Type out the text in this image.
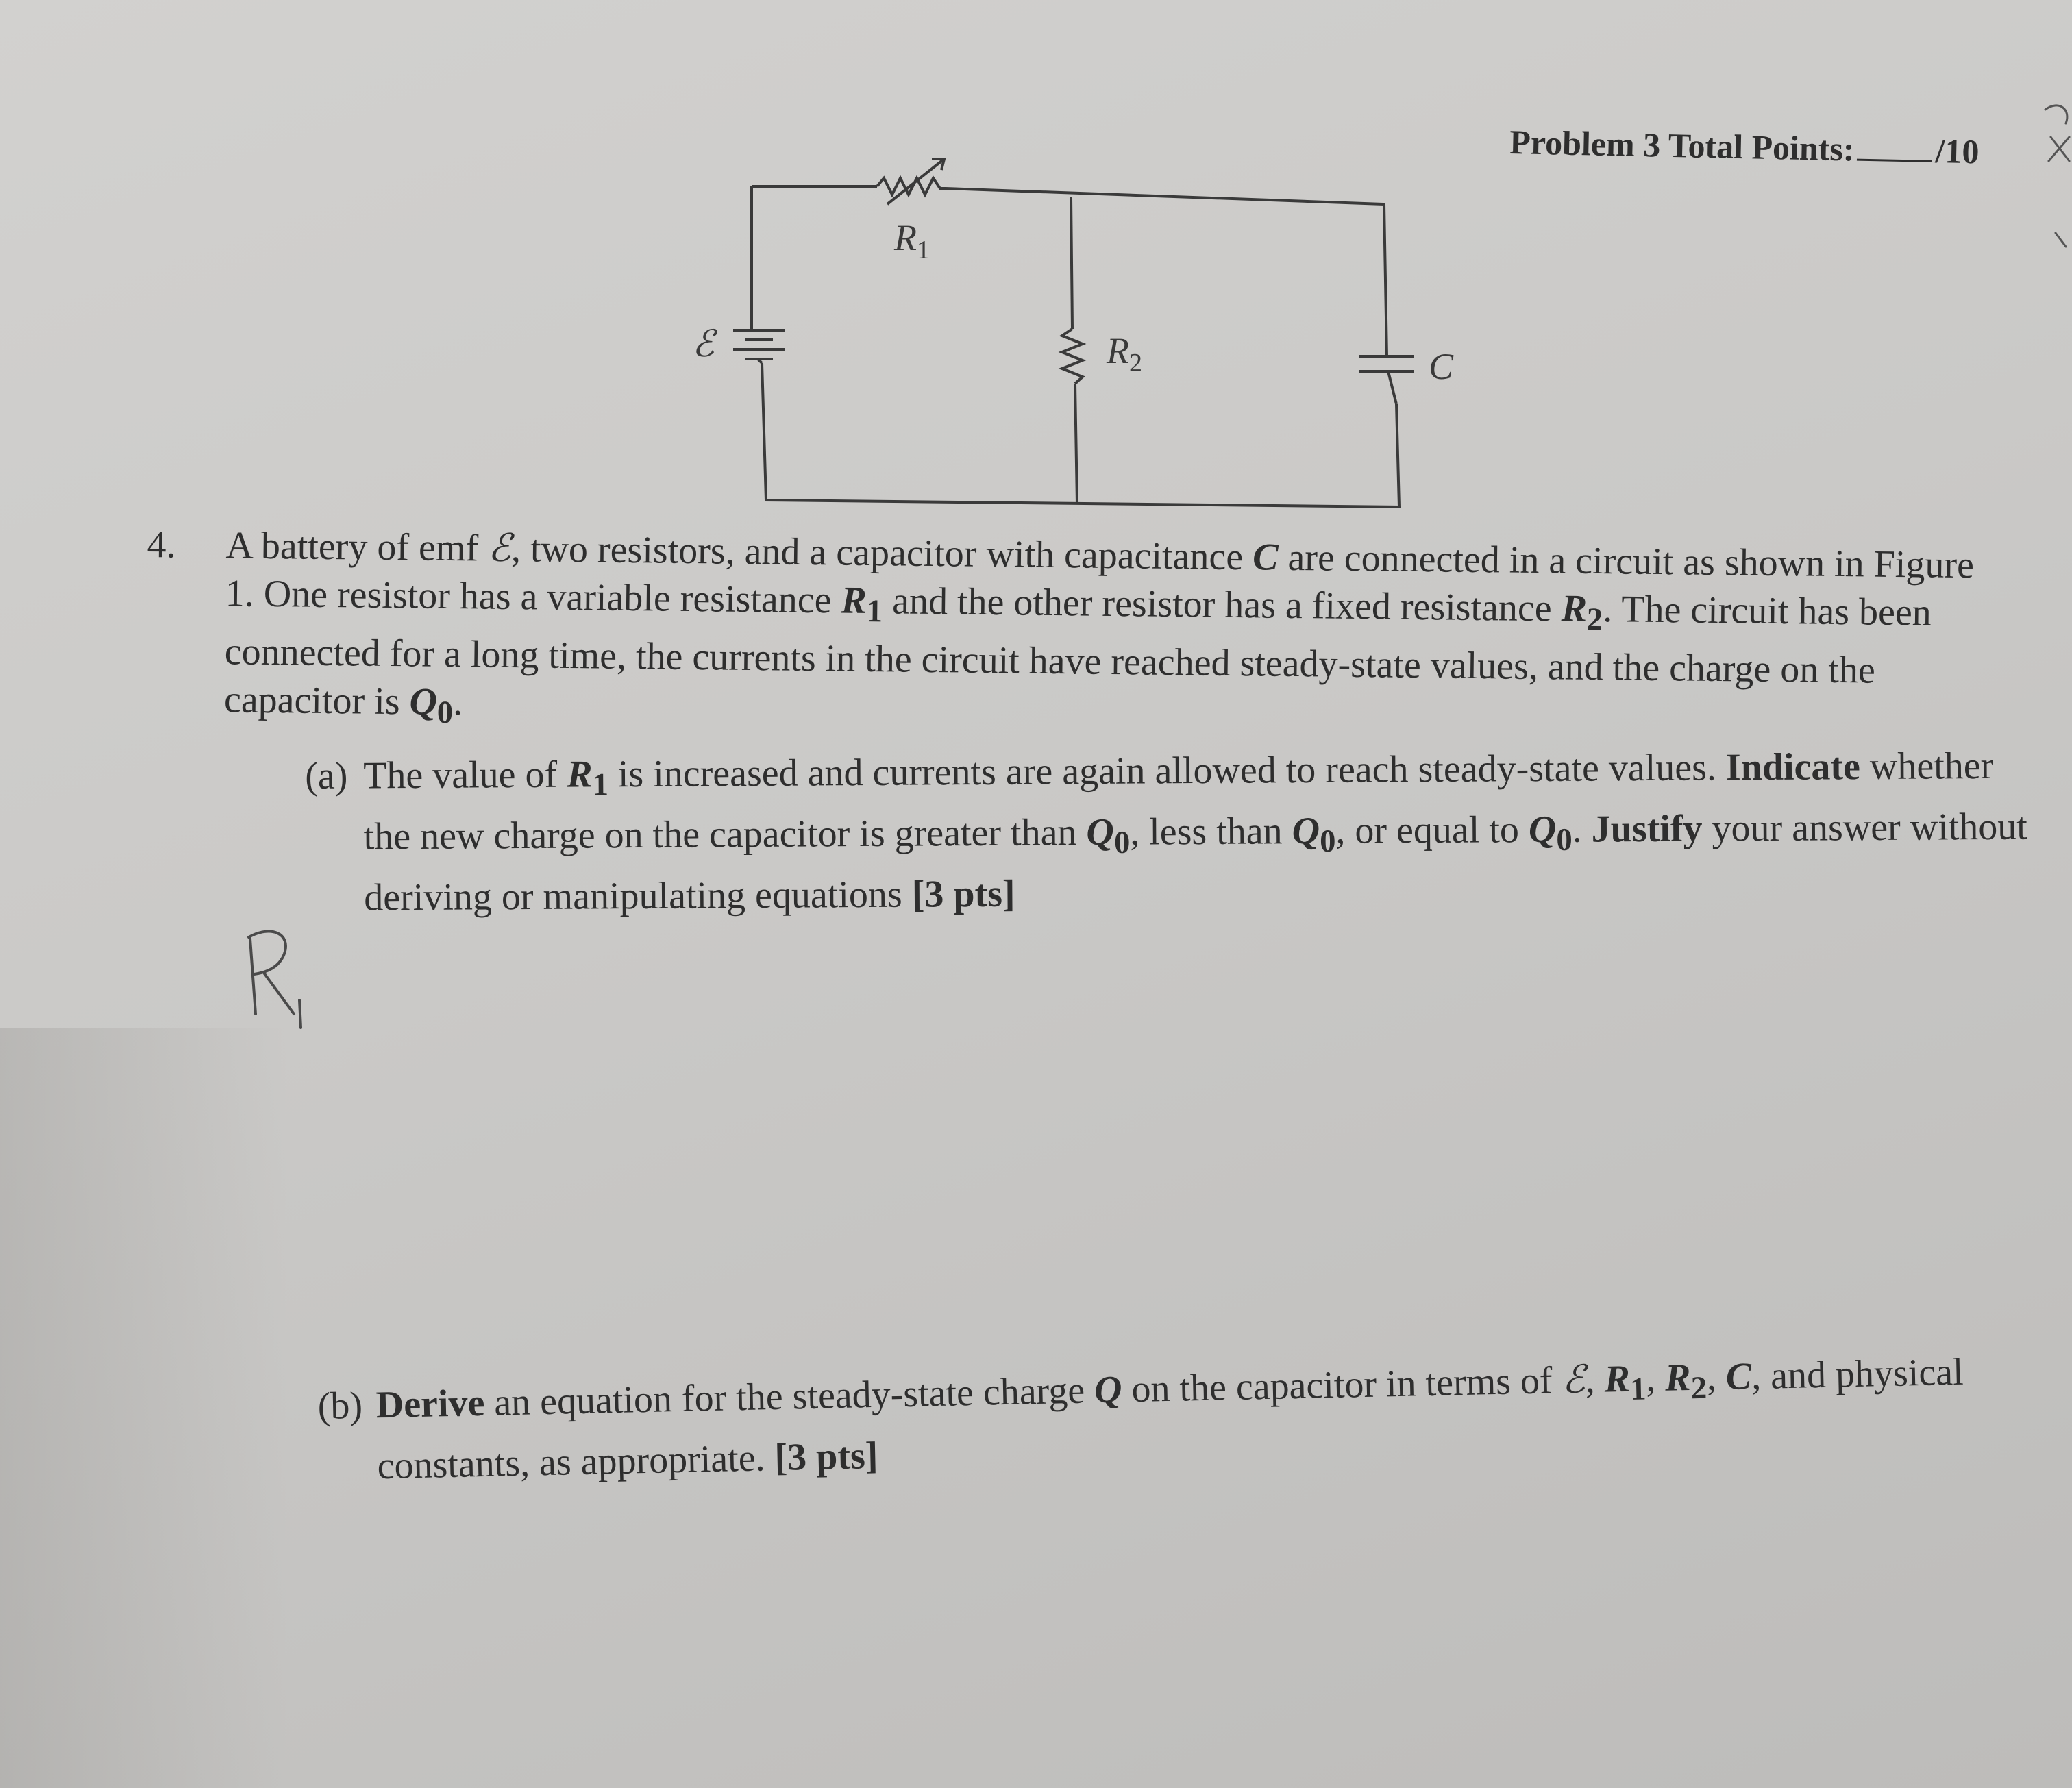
Problem 3 Total Points: /10
ℰ
$R_1$
$R_2$	C
4. A battery of emf ℰ, two resistors, and a capacitor with capacitance C are connected in a circuit as shown in Figure 1. One resistor has a variable resistance $R_1$ and the other resistor has a fixed resistance $R_2$. The circuit has been connected for a long time, the currents in the circuit have reached steady-state values, and the charge on the capacitor is $Q_0$.
(a) The value of $R_1$ is increased and currents are again allowed to reach steady-state values. Indicate whether the new charge on the capacitor is greater than $Q_0$, less than $Q_0$, or equal to $Q_0$. Justify your answer without deriving or manipulating equations [3 pts]
(b) Derive an equation for the steady-state charge Q on the capacitor in terms of ℰ, $R_1$, $R_2$, C, and physical constants, as appropriate. [3 pts]
